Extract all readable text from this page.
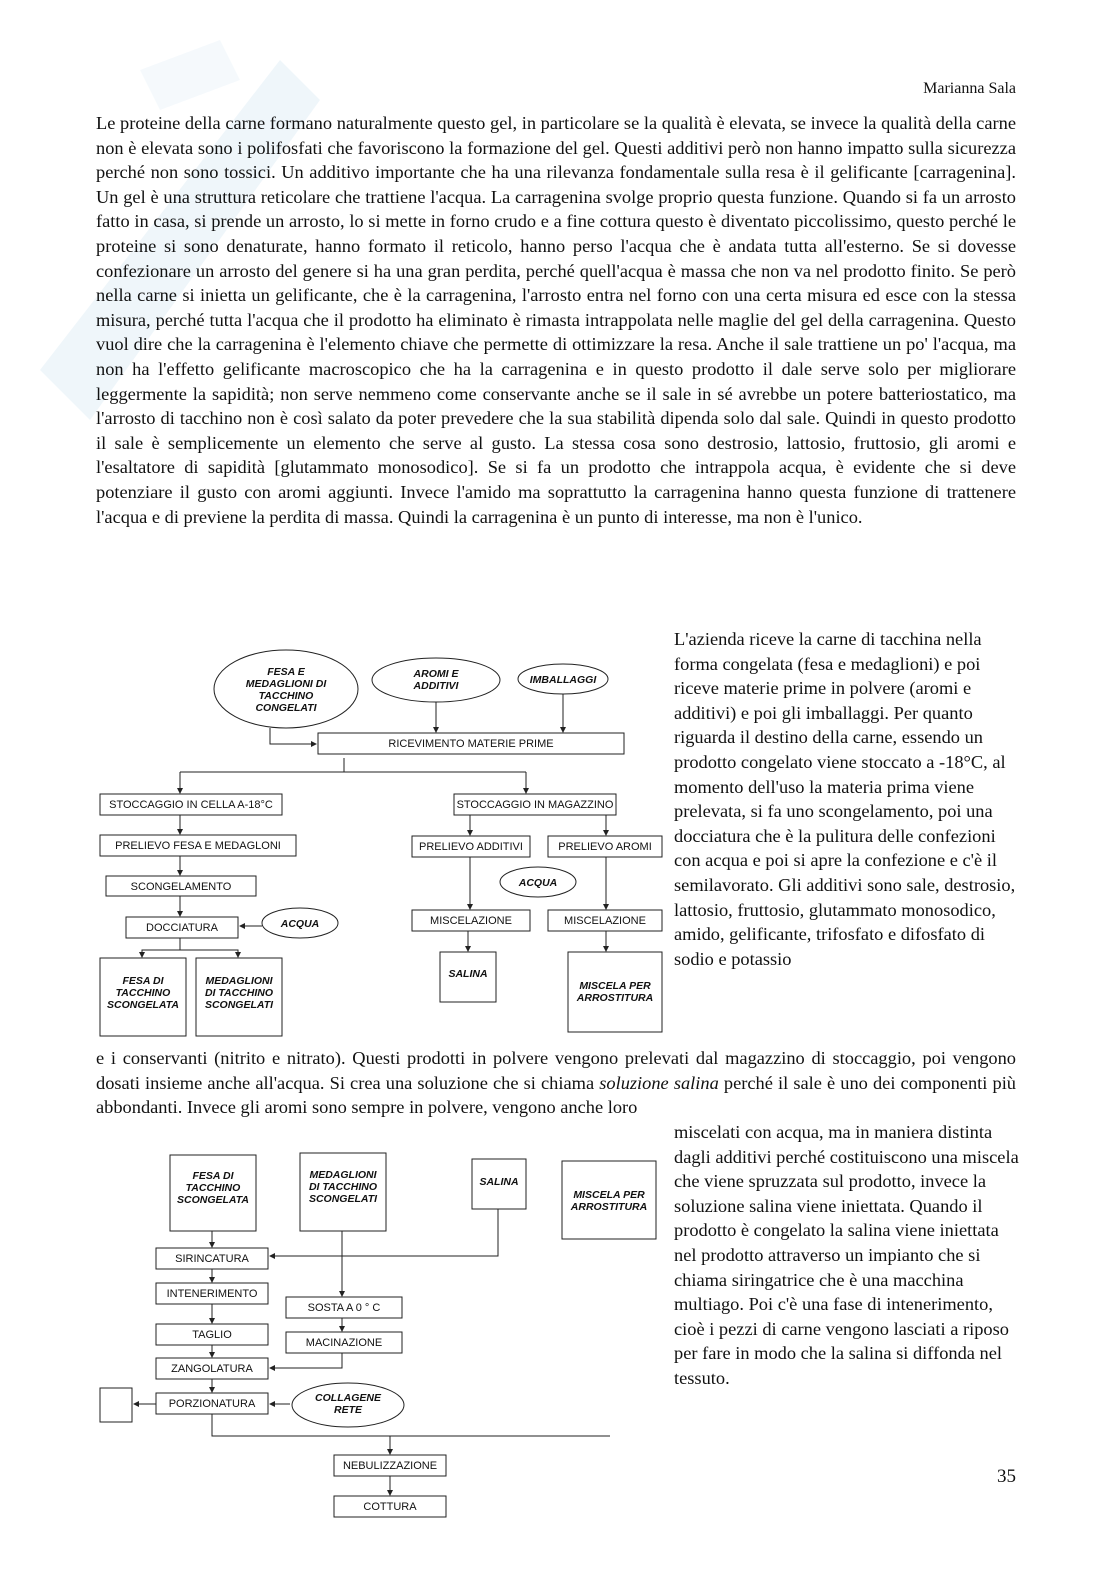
Marianna Sala

Le proteine della carne formano naturalmente questo gel, in particolare se la qualità è elevata, se invece la qualità della carne non è elevata sono i polifosfati che favoriscono la formazione del gel. Questi additivi però non hanno impatto sulla sicurezza perché non sono tossici. Un additivo importante che ha una rilevanza fondamentale sulla resa è il gelificante [carragenina]. Un gel è una struttura reticolare che trattiene l'acqua. La carragenina svolge proprio questa funzione. Quando si fa un arrosto fatto in casa, si prende un arrosto, lo si mette in forno crudo e a fine cottura questo è diventato piccolissimo, questo perché le proteine si sono denaturate, hanno formato il reticolo, hanno perso l'acqua che è andata tutta all'esterno. Se si dovesse confezionare un arrosto del genere si ha una gran perdita, perché quell'acqua è massa che non va nel prodotto finito. Se però nella carne si inietta un gelificante, che è la carragenina, l'arrosto entra nel forno con una certa misura ed esce con la stessa misura, perché tutta l'acqua che il prodotto ha eliminato è rimasta intrappolata nelle maglie del gel della carragenina. Questo vuol dire che la carragenina è l'elemento chiave che permette di ottimizzare la resa. Anche il sale trattiene un po' l'acqua, ma non ha l'effetto gelificante macroscopico che ha la carragenina e in questo prodotto il dale serve solo per migliorare leggermente la sapidità; non serve nemmeno come conservante anche se il sale in sé avrebbe un potere batteriostatico, ma l'arrosto di tacchino non è così salato da poter prevedere che la sua stabilità dipenda solo dal sale. Quindi in questo prodotto il sale è semplicemente un elemento che serve al gusto. La stessa cosa sono destrosio, lattosio, fruttosio, gli aromi e l'esaltatore di sapidità [glutammato monosodico]. Se si fa un prodotto che intrappola acqua, è evidente che si deve potenziare il gusto con aromi aggiunti. Invece l'amido ma soprattutto la carragenina hanno questa funzione di trattenere l'acqua e di previene la perdita di massa. Quindi la carragenina è un punto di interesse, ma non è l'unico.

FESA E
MEDAGLIONI DI
TACCHINO
CONGELATI
AROMI E
ADDITIVI	IMBALLAGGI
RICEVIMENTO MATERIE PRIME
STOCCAGGIO IN CELLA A-18°C	STOCCAGGIO IN MAGAZZINO
PRELIEVO FESA E MEDAGLONI	PRELIEVO ADDITIVI	PRELIEVO AROMI
SCONGELAMENTO	ACQUA
DOCCIATURA	ACQUA	MISCELAZIONE	MISCELAZIONE
FESA DI
TACCHINO
SCONGELATA
MEDAGLIONI
DI TACCHINO
SCONGELATI
SALINA
MISCELA PER
ARROSTITURA

L'azienda riceve la carne di tacchina nella forma congelata (fesa e medaglioni) e poi riceve materie prime in polvere (aromi e additivi) e poi gli imballaggi. Per quanto riguarda il destino della carne, essendo un prodotto congelato viene stoccato a -18°C, al momento dell'uso la materia prima viene prelevata, si fa uno scongelamento, poi una docciatura che è la pulitura delle confezioni con acqua e poi si apre la confezione e c'è il semilavorato. Gli additivi sono sale, destrosio, lattosio, fruttosio, glutammato monosodico, amido, gelificante, trifosfato e difosfato di sodio e potassio

e i conservanti (nitrito e nitrato). Questi prodotti in polvere vengono prelevati dal magazzino di stoccaggio, poi vengono dosati insieme anche all'acqua. Si crea una soluzione che si chiama soluzione salina perché il sale è uno dei componenti più abbondanti. Invece gli aromi sono sempre in polvere, vengono anche loro

FESA DI
TACCHINO
SCONGELATA
MEDAGLIONI
DI TACCHINO
SCONGELATI
SALINA
MISCELA PER
ARROSTITURA
SIRINCATURA
INTENERIMENTO
SOSTA A 0 ° C
TAGLIO
MACINAZIONE
ZANGOLATURA
PORZIONATURA	COLLAGENE
RETE
NEBULIZZAZIONE
COTTURA

miscelati con acqua, ma in maniera distinta dagli additivi perché costituiscono una miscela che viene spruzzata sul prodotto, invece la soluzione salina viene iniettata. Quando il prodotto è congelato la salina viene iniettata nel prodotto attraverso un impianto che si chiama siringatrice che è una macchina multiago. Poi c'è una fase di intenerimento, cioè i pezzi di carne vengono lasciati a riposo per fare in modo che la salina si diffonda nel tessuto.

35
